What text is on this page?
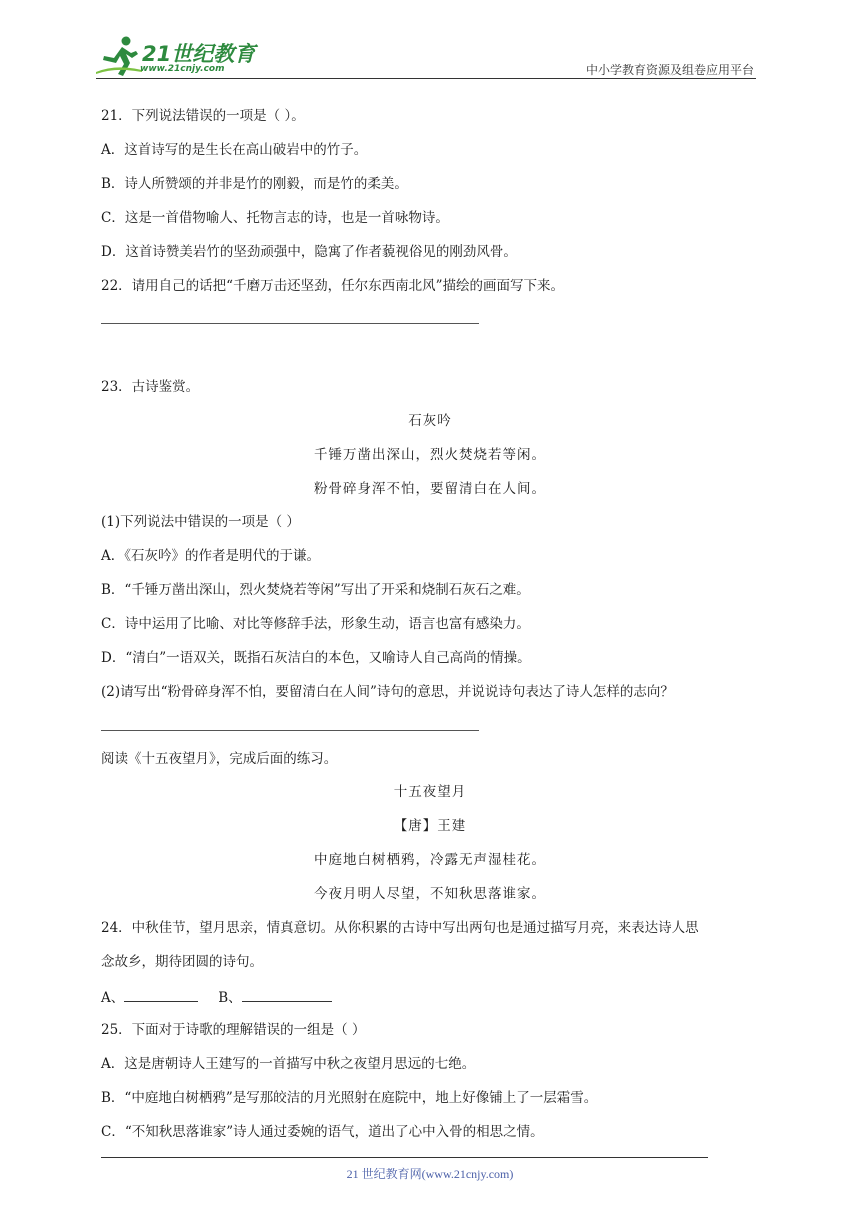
21世纪教育
www.21cnjy.com	中小学教育资源及组卷应用平台
21．下列说法错误的一项是（ ）。
A．这首诗写的是生长在高山破岩中的竹子。
B．诗人所赞颂的并非是竹的刚毅，而是竹的柔美。
C．这是一首借物喻人、托物言志的诗，也是一首咏物诗。
D．这首诗赞美岩竹的坚劲顽强中，隐寓了作者藐视俗见的刚劲风骨。
22．请用自己的话把“千磨万击还坚劲，任尔东西南北风”描绘的画面写下来。
23．古诗鉴赏。
石灰吟
千锤万凿出深山，烈火焚烧若等闲。
粉骨碎身浑不怕，要留清白在人间。
(1)下列说法中错误的一项是（ ）
A．《石灰吟》的作者是明代的于谦。
B．“千锤万凿出深山，烈火焚烧若等闲”写出了开采和烧制石灰石之难。
C．诗中运用了比喻、对比等修辞手法，形象生动，语言也富有感染力。
D．“清白”一语双关，既指石灰洁白的本色，又喻诗人自己高尚的情操。
(2)请写出“粉骨碎身浑不怕，要留清白在人间”诗句的意思，并说说诗句表达了诗人怎样的志向？
阅读《十五夜望月》，完成后面的练习。
十五夜望月
【唐】王建
中庭地白树栖鸦，冷露无声湿桂花。
今夜月明人尽望，不知秋思落谁家。
24．中秋佳节，望月思亲，情真意切。从你积累的古诗中写出两句也是通过描写月亮，来表达诗人思
念故乡，期待团圆的诗句。
A、	B、
25．下面对于诗歌的理解错误的一组是（ ）
A．这是唐朝诗人王建写的一首描写中秋之夜望月思远的七绝。
B．“中庭地白树栖鸦”是写那皎洁的月光照射在庭院中，地上好像铺上了一层霜雪。
C．“不知秋思落谁家”诗人通过委婉的语气，道出了心中入骨的相思之情。
21 世纪教育网(www.21cnjy.com)
